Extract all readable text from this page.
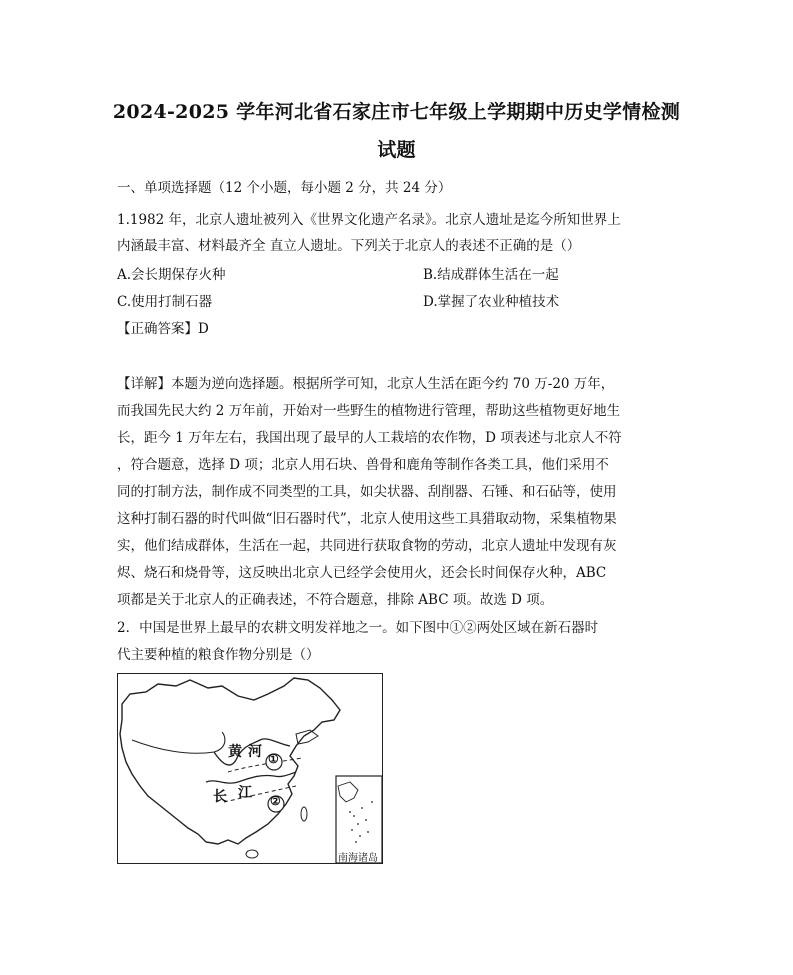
2024-2025 学年河北省石家庄市七年级上学期期中历史学情检测
试题
一、单项选择题（12 个小题，每小题 2 分，共 24 分）
1.1982 年，北京人遗址被列入《世界文化遗产名录》。北京人遗址是迄今所知世界上
内涵最丰富、材料最齐全 直立人遗址。下列关于北京人的表述不正确的是（）
A.会长期保存火种	B.结成群体生活在一起
C.使用打制石器	D.掌握了农业种植技术
【正确答案】D
【详解】本题为逆向选择题。根据所学可知，北京人生活在距今约 70 万-20 万年，
而我国先民大约 2 万年前，开始对一些野生的植物进行管理，帮助这些植物更好地生
长，距今 1 万年左右，我国出现了最早的人工栽培的农作物，D 项表述与北京人不符
，符合题意，选择 D 项；北京人用石块、兽骨和鹿角等制作各类工具，他们采用不
同的打制方法，制作成不同类型的工具，如尖状器、刮削器、石锤、和石砧等，使用
这种打制石器的时代叫做“旧石器时代”，北京人使用这些工具猎取动物，采集植物果
实，他们结成群体，生活在一起，共同进行获取食物的劳动，北京人遗址中发现有灰
烬、烧石和烧骨等，这反映出北京人已经学会使用火，还会长时间保存火种，ABC
项都是关于北京人的正确表述，不符合题意，排除 ABC 项。故选 D 项。
2．中国是世界上最早的农耕文明发祥地之一。如下图中①②两处区域在新石器时
代主要种植的粮食作物分别是（）
黄 河 ①
长 江 ②
南海诸岛
